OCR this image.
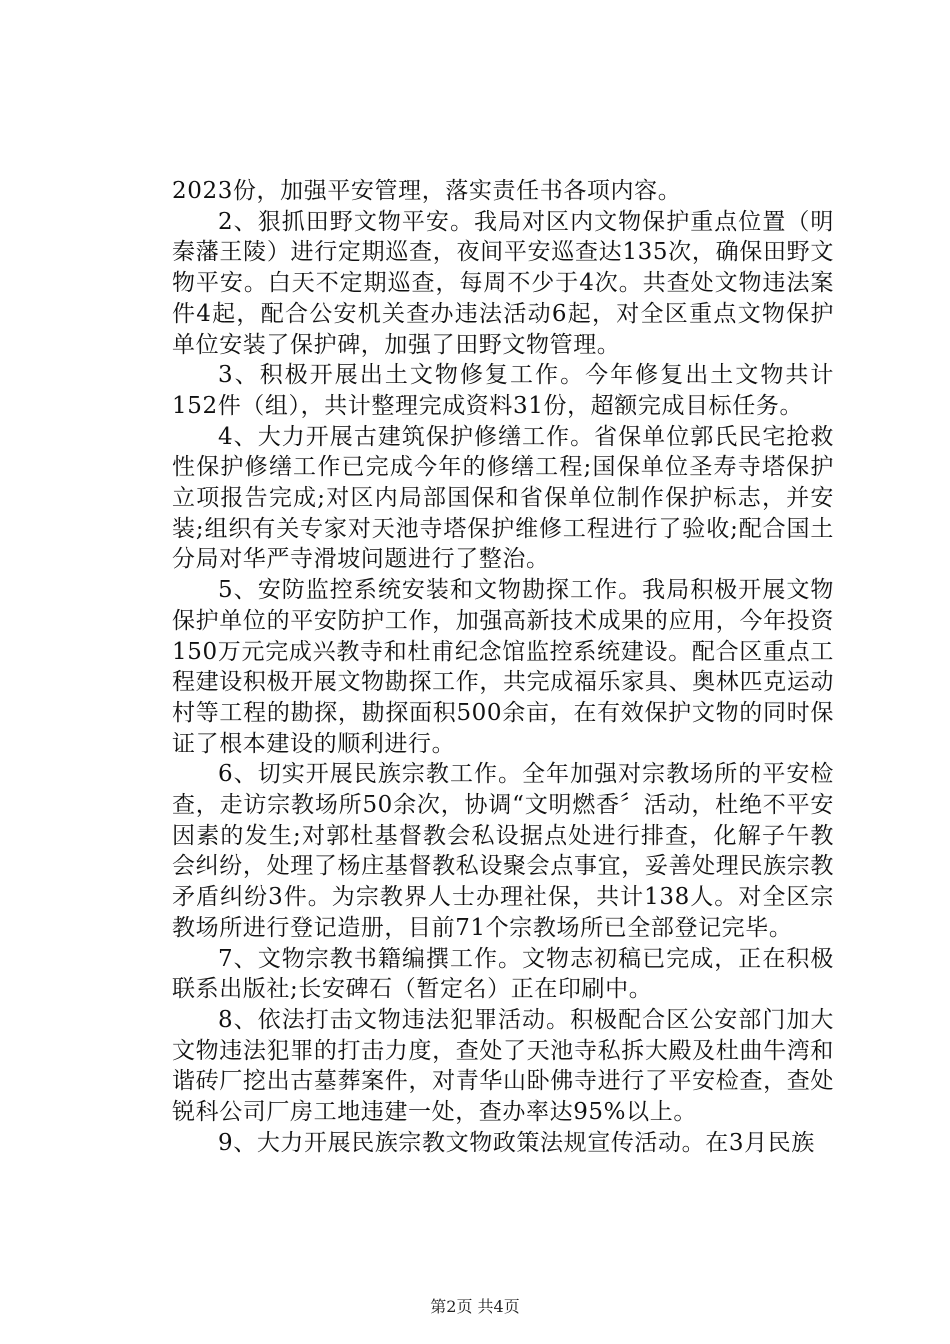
2023份，加强平安管理，落实责任书各项内容。

2、狠抓田野文物平安。我局对区内文物保护重点位置（明秦藩王陵）进行定期巡查，夜间平安巡查达135次，确保田野文物平安。白天不定期巡查，每周不少于4次。共查处文物违法案件4起，配合公安机关查办违法活动6起，对全区重点文物保护单位安装了保护碑，加强了田野文物管理。

3、积极开展出土文物修复工作。今年修复出土文物共计152件（组），共计整理完成资料31份，超额完成目标任务。

4、大力开展古建筑保护修缮工作。省保单位郭氏民宅抢救性保护修缮工作已完成今年的修缮工程;国保单位圣寿寺塔保护立项报告完成;对区内局部国保和省保单位制作保护标志，并安装;组织有关专家对天池寺塔保护维修工程进行了验收;配合国土分局对华严寺滑坡问题进行了整治。

5、安防监控系统安装和文物勘探工作。我局积极开展文物保护单位的平安防护工作，加强高新技术成果的应用，今年投资150万元完成兴教寺和杜甫纪念馆监控系统建设。配合区重点工程建设积极开展文物勘探工作，共完成福乐家具、奥林匹克运动村等工程的勘探，勘探面积500余亩，在有效保护文物的同时保证了根本建设的顺利进行。

6、切实开展民族宗教工作。全年加强对宗教场所的平安检查，走访宗教场所50余次，协调“文明燃香〞活动，杜绝不平安因素的发生;对郭杜基督教会私设据点处进行排查，化解子午教会纠纷，处理了杨庄基督教私设聚会点事宜，妥善处理民族宗教矛盾纠纷3件。为宗教界人士办理社保，共计138人。对全区宗教场所进行登记造册，目前71个宗教场所已全部登记完毕。

7、文物宗教书籍编撰工作。文物志初稿已完成，正在积极联系出版社;长安碑石（暂定名）正在印刷中。

8、依法打击文物违法犯罪活动。积极配合区公安部门加大文物违法犯罪的打击力度，查处了天池寺私拆大殿及杜曲牛湾和谐砖厂挖出古墓葬案件，对青华山卧佛寺进行了平安检查，查处锐科公司厂房工地违建一处，查办率达95%以上。

9、大力开展民族宗教文物政策法规宣传活动。在3月民族

第2页 共4页
